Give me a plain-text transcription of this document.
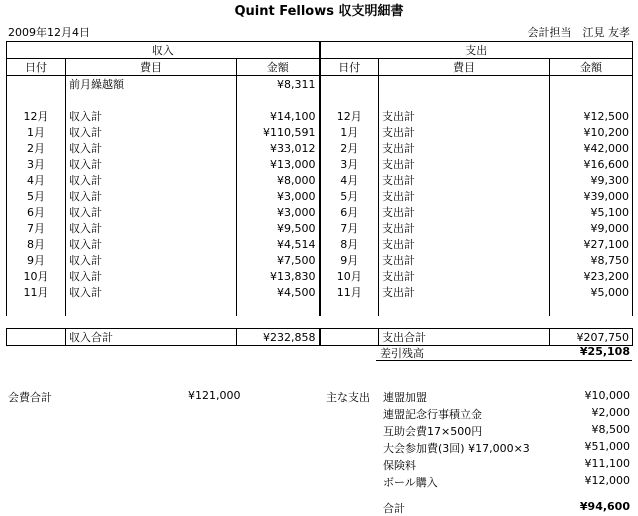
Quint Fellows 収支明細書
2009年12月4日	会計担当　江見 友孝
収入			支出		
日付	費目	金額	日付	費目	金額
	前月繰越額	¥8,311			

12月	収入計	¥14,100	12月	支出計	¥12,500
1月	収入計	¥110,591	1月	支出計	¥10,200
2月	収入計	¥33,012	2月	支出計	¥42,000
3月	収入計	¥13,000	3月	支出計	¥16,600
4月	収入計	¥8,000	4月	支出計	¥9,300
5月	収入計	¥3,000	5月	支出計	¥39,000
6月	収入計	¥3,000	6月	支出計	¥5,100
7月	収入計	¥9,500	7月	支出計	¥9,000
8月	収入計	¥4,514	8月	支出計	¥27,100
9月	収入計	¥7,500	9月	支出計	¥8,750
10月	収入計	¥13,830	10月	支出計	¥23,200
11月	収入計	¥4,500	11月	支出計	¥5,000

	収入合計	¥232,858		支出合計	¥207,750
差引残高	¥25,108
会費合計	¥121,000	主な支出 連盟加盟	¥10,000
連盟記念行事積立金	¥2,000
互助会費17×500円	¥8,500
大会参加費(3回) ¥17,000×3	¥51,000
保険料	¥11,100
ボール購入	¥12,000
合計	¥94,600
